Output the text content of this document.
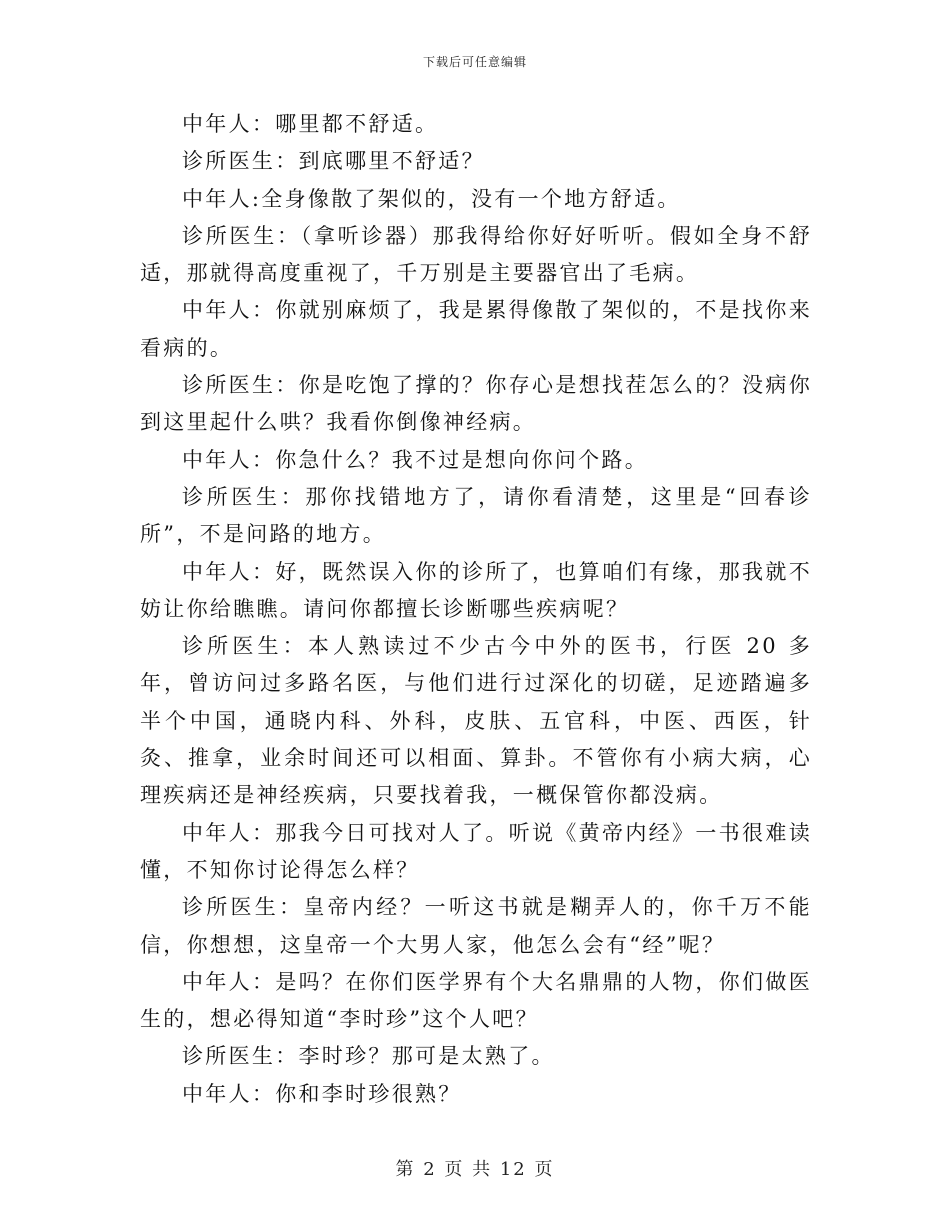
下载后可任意编辑

中年人：哪里都不舒适。

诊所医生：到底哪里不舒适？

中年人:全身像散了架似的，没有一个地方舒适。

诊所医生：（拿听诊器）那我得给你好好听听。假如全身不舒适，那就得高度重视了，千万别是主要器官出了毛病。

中年人：你就别麻烦了，我是累得像散了架似的，不是找你来看病的。

诊所医生：你是吃饱了撑的？你存心是想找茬怎么的？没病你到这里起什么哄？我看你倒像神经病。

中年人：你急什么？我不过是想向你问个路。

诊所医生：那你找错地方了，请你看清楚，这里是“回春诊所”，不是问路的地方。

中年人：好，既然误入你的诊所了，也算咱们有缘，那我就不妨让你给瞧瞧。请问你都擅长诊断哪些疾病呢？

诊所医生：本人熟读过不少古今中外的医书，行医 20 多年，曾访问过多路名医，与他们进行过深化的切磋，足迹踏遍多半个中国，通晓内科、外科，皮肤、五官科，中医、西医，针灸、推拿，业余时间还可以相面、算卦。不管你有小病大病，心理疾病还是神经疾病，只要找着我，一概保管你都没病。

中年人：那我今日可找对人了。听说《黄帝内经》一书很难读懂，不知你讨论得怎么样？

诊所医生：皇帝内经？一听这书就是糊弄人的，你千万不能信，你想想，这皇帝一个大男人家，他怎么会有“经”呢？

中年人：是吗？在你们医学界有个大名鼎鼎的人物，你们做医生的，想必得知道“李时珍”这个人吧？

诊所医生：李时珍？那可是太熟了。

中年人：你和李时珍很熟？

第 2 页 共 12 页
